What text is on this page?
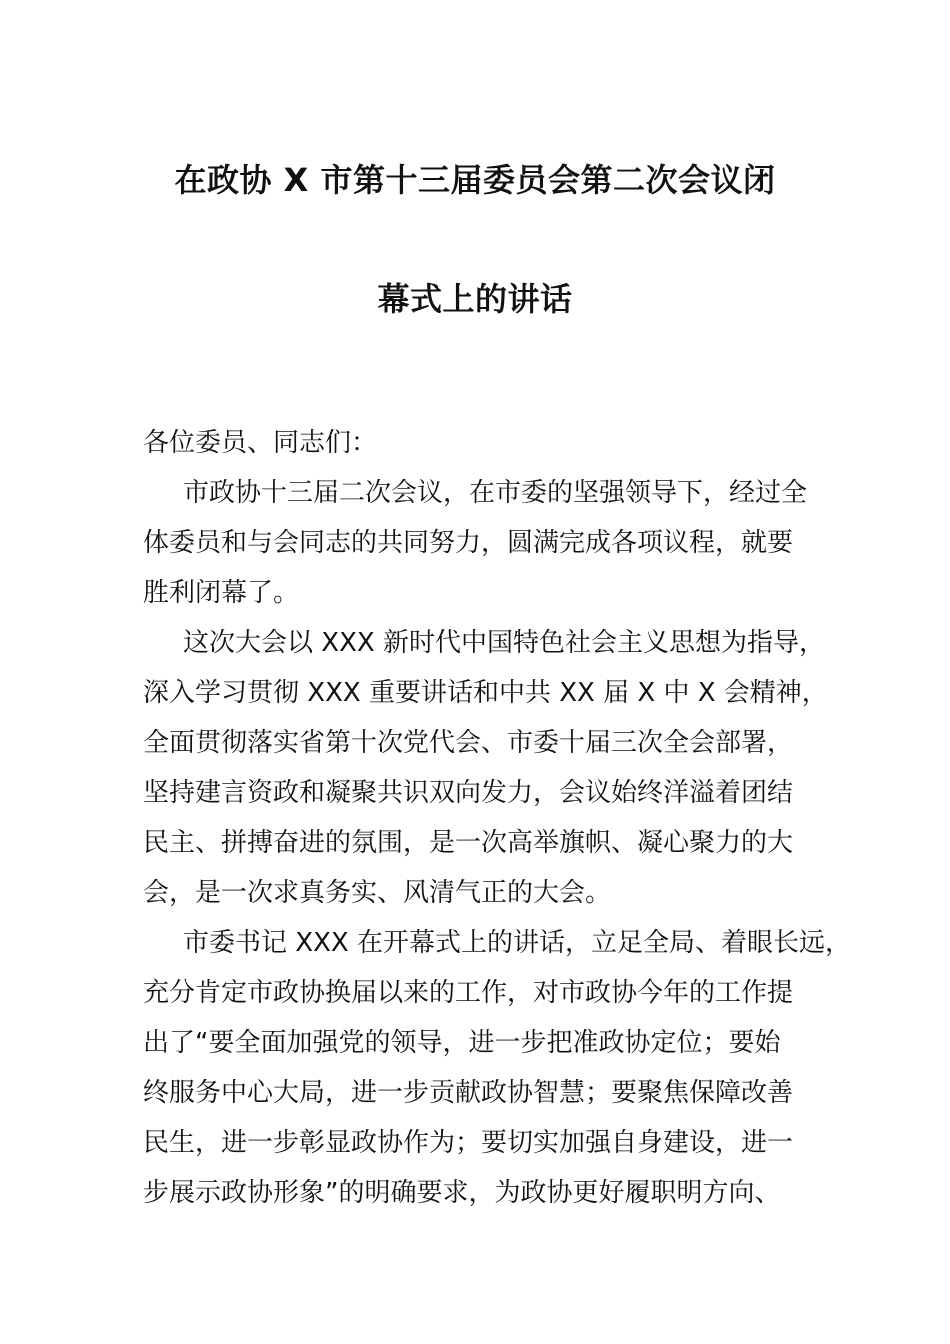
在政协 X 市第十三届委员会第二次会议闭
幕式上的讲话
各位委员、同志们：
市政协十三届二次会议，在市委的坚强领导下，经过全
体委员和与会同志的共同努力，圆满完成各项议程，就要
胜利闭幕了。
这次大会以 XXX 新时代中国特色社会主义思想为指导，
深入学习贯彻 XXX 重要讲话和中共 XX 届 X 中 X 会精神，
全面贯彻落实省第十次党代会、市委十届三次全会部署，
坚持建言资政和凝聚共识双向发力，会议始终洋溢着团结
民主、拼搏奋进的氛围，是一次高举旗帜、凝心聚力的大
会，是一次求真务实、风清气正的大会。
市委书记 XXX 在开幕式上的讲话，立足全局、着眼长远，
充分肯定市政协换届以来的工作，对市政协今年的工作提
出了“要全面加强党的领导，进一步把准政协定位；要始
终服务中心大局，进一步贡献政协智慧；要聚焦保障改善
民生，进一步彰显政协作为；要切实加强自身建设，进一
步展示政协形象”的明确要求，为政协更好履职明方向、
